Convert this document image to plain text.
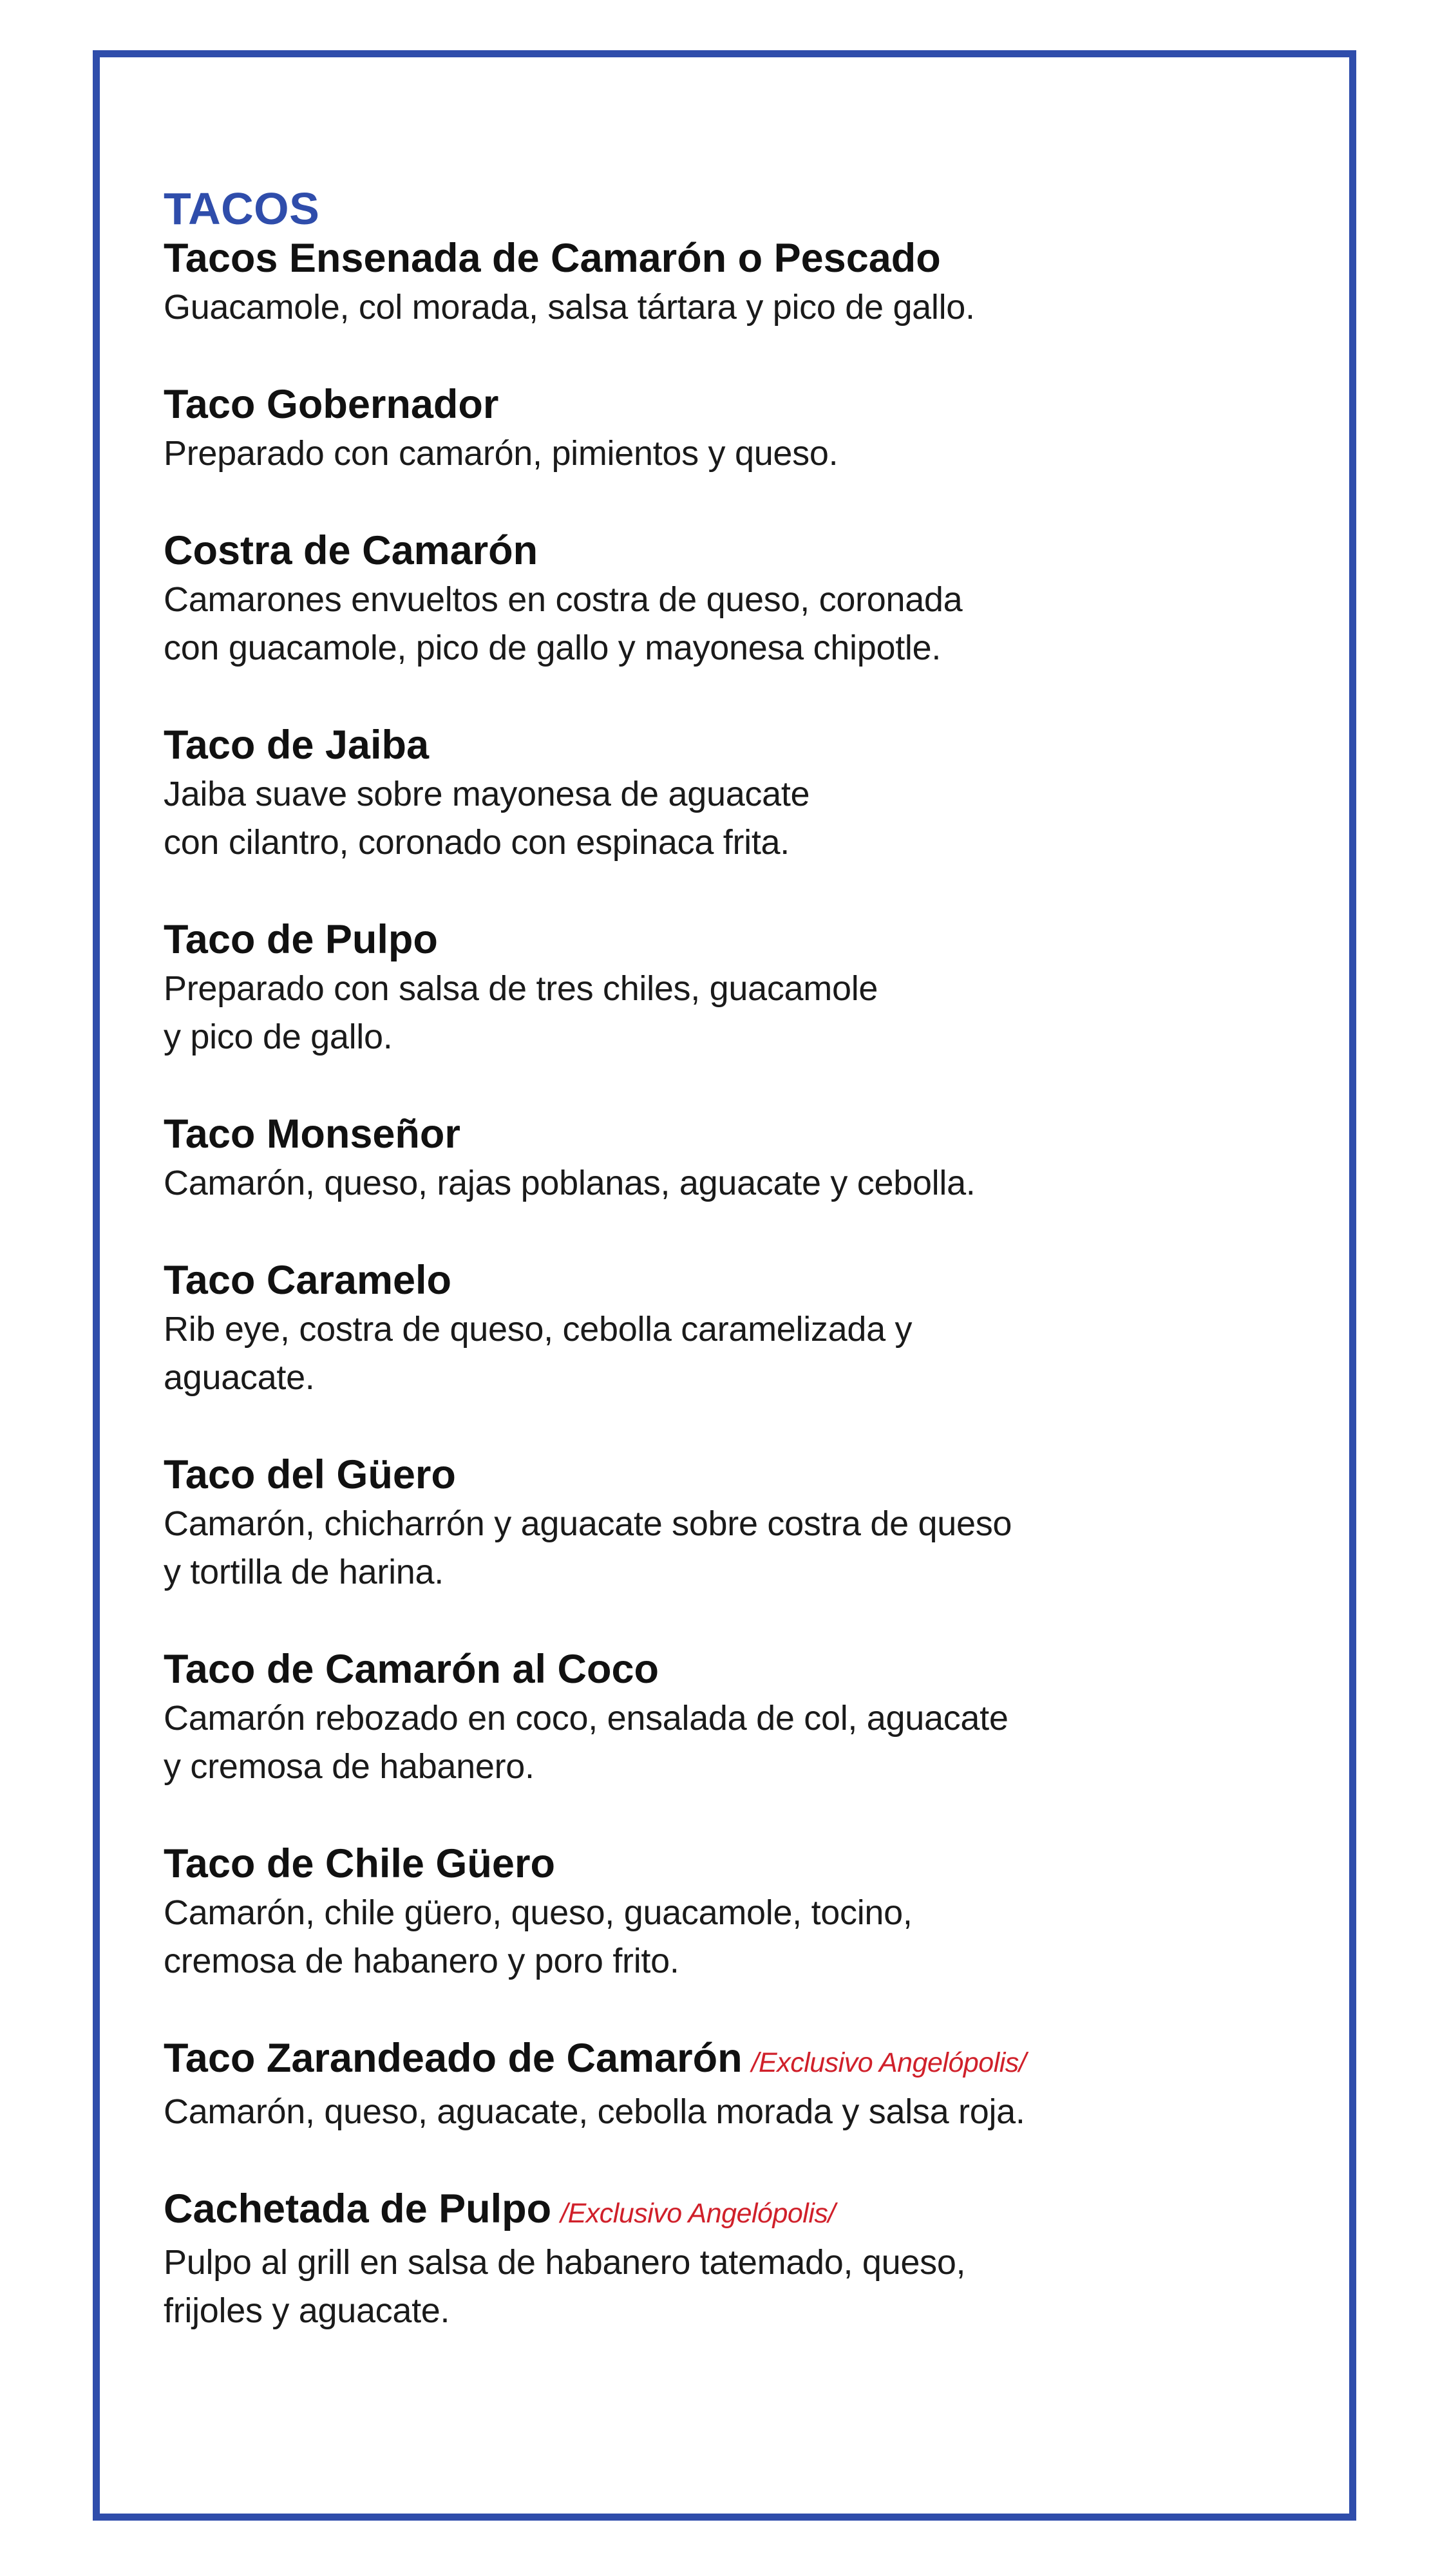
TACOS
Tacos Ensenada de Camarón o Pescado

Guacamole, col morada, salsa tártara y pico de gallo.

Taco Gobernador

Preparado con camarón, pimientos y queso.

Costra de Camarón

Camarones envueltos en costra de queso, coronada
con guacamole, pico de gallo y mayonesa chipotle.

Taco de Jaiba

Jaiba suave sobre mayonesa de aguacate
con cilantro, coronado con espinaca frita.

Taco de Pulpo

Preparado con salsa de tres chiles, guacamole
y pico de gallo.

Taco Monseñor

Camarón, queso, rajas poblanas, aguacate y cebolla.

Taco Caramelo

Rib eye, costra de queso, cebolla caramelizada y
aguacate.

Taco del Güero

Camarón, chicharrón y aguacate sobre costra de queso
y tortilla de harina.

Taco de Camarón al Coco

Camarón rebozado en coco, ensalada de col, aguacate
y cremosa de habanero.

Taco de Chile Güero

Camarón, chile güero, queso, guacamole, tocino,
cremosa de habanero y poro frito.

Taco Zarandeado de Camarón /Exclusivo Angelópolis/

Camarón, queso, aguacate, cebolla morada y salsa roja.

Cachetada de Pulpo /Exclusivo Angelópolis/

Pulpo al grill en salsa de habanero tatemado, queso,
frijoles y aguacate.
